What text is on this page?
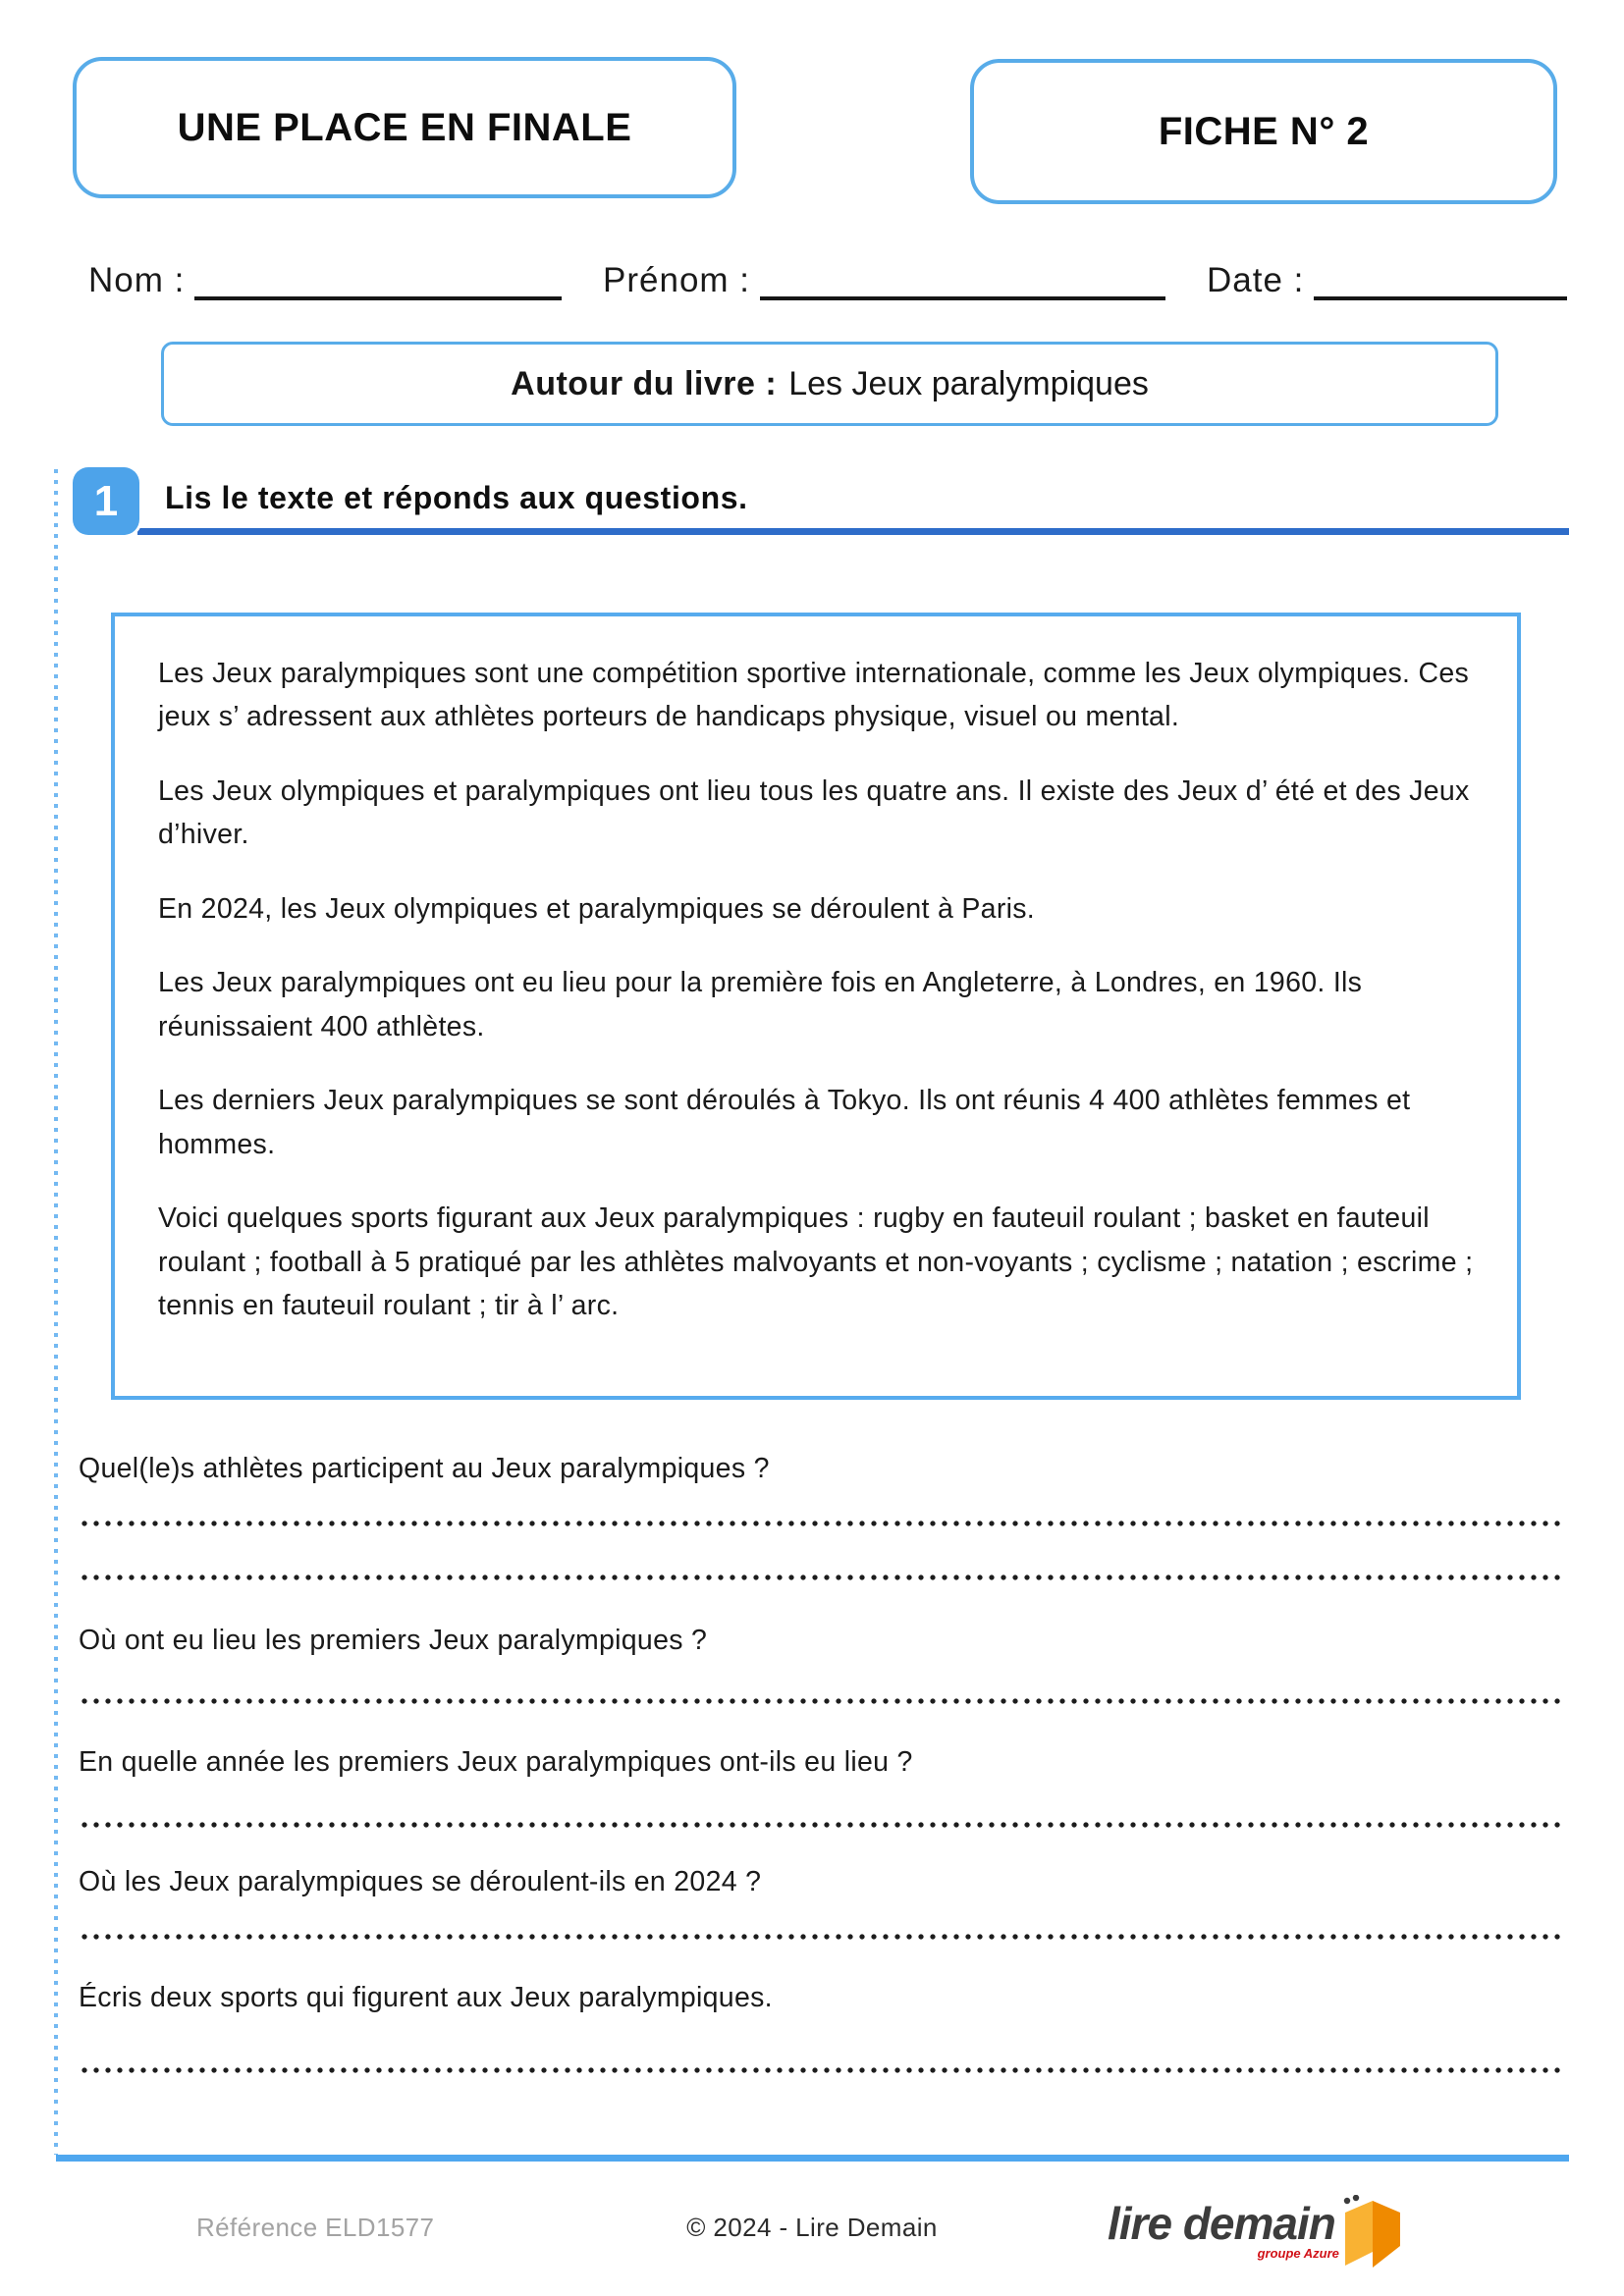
UNE PLACE EN FINALE	FICHE N° 2
Nom :	Prénom :	Date :
Autour du livre : Les Jeux paralympiques
1	Lis le texte et réponds aux questions.

Les Jeux paralympiques sont une compétition sportive internationale, comme les Jeux olympiques. Ces jeux s’ adressent aux athlètes porteurs de handicaps physique, visuel ou mental.

Les Jeux olympiques et paralympiques ont lieu tous les quatre ans. Il existe des Jeux d’ été et des Jeux d’hiver.

En 2024, les Jeux olympiques et paralympiques se déroulent à Paris.

Les Jeux paralympiques ont eu lieu pour la première fois en Angleterre, à Londres, en 1960. Ils réunissaient 400 athlètes.

Les derniers Jeux paralympiques se sont déroulés à Tokyo. Ils ont réunis 4 400 athlètes femmes et hommes.

Voici quelques sports figurant aux Jeux paralympiques : rugby en fauteuil roulant ; basket en fauteuil roulant ; football à 5 pratiqué par les athlètes malvoyants et non-voyants ; cyclisme ; natation ; escrime ; tennis en fauteuil roulant ; tir à l’ arc.

Quel(le)s athlètes participent au Jeux paralympiques ?
Où ont eu lieu les premiers Jeux paralympiques ?
En quelle année les premiers Jeux paralympiques ont-ils eu lieu ?
Où les Jeux paralympiques se déroulent-ils en 2024 ?
Écris deux sports qui figurent aux Jeux paralympiques.
Référence ELD1577	© 2024 - Lire Demain	lire demain
groupe Azure
